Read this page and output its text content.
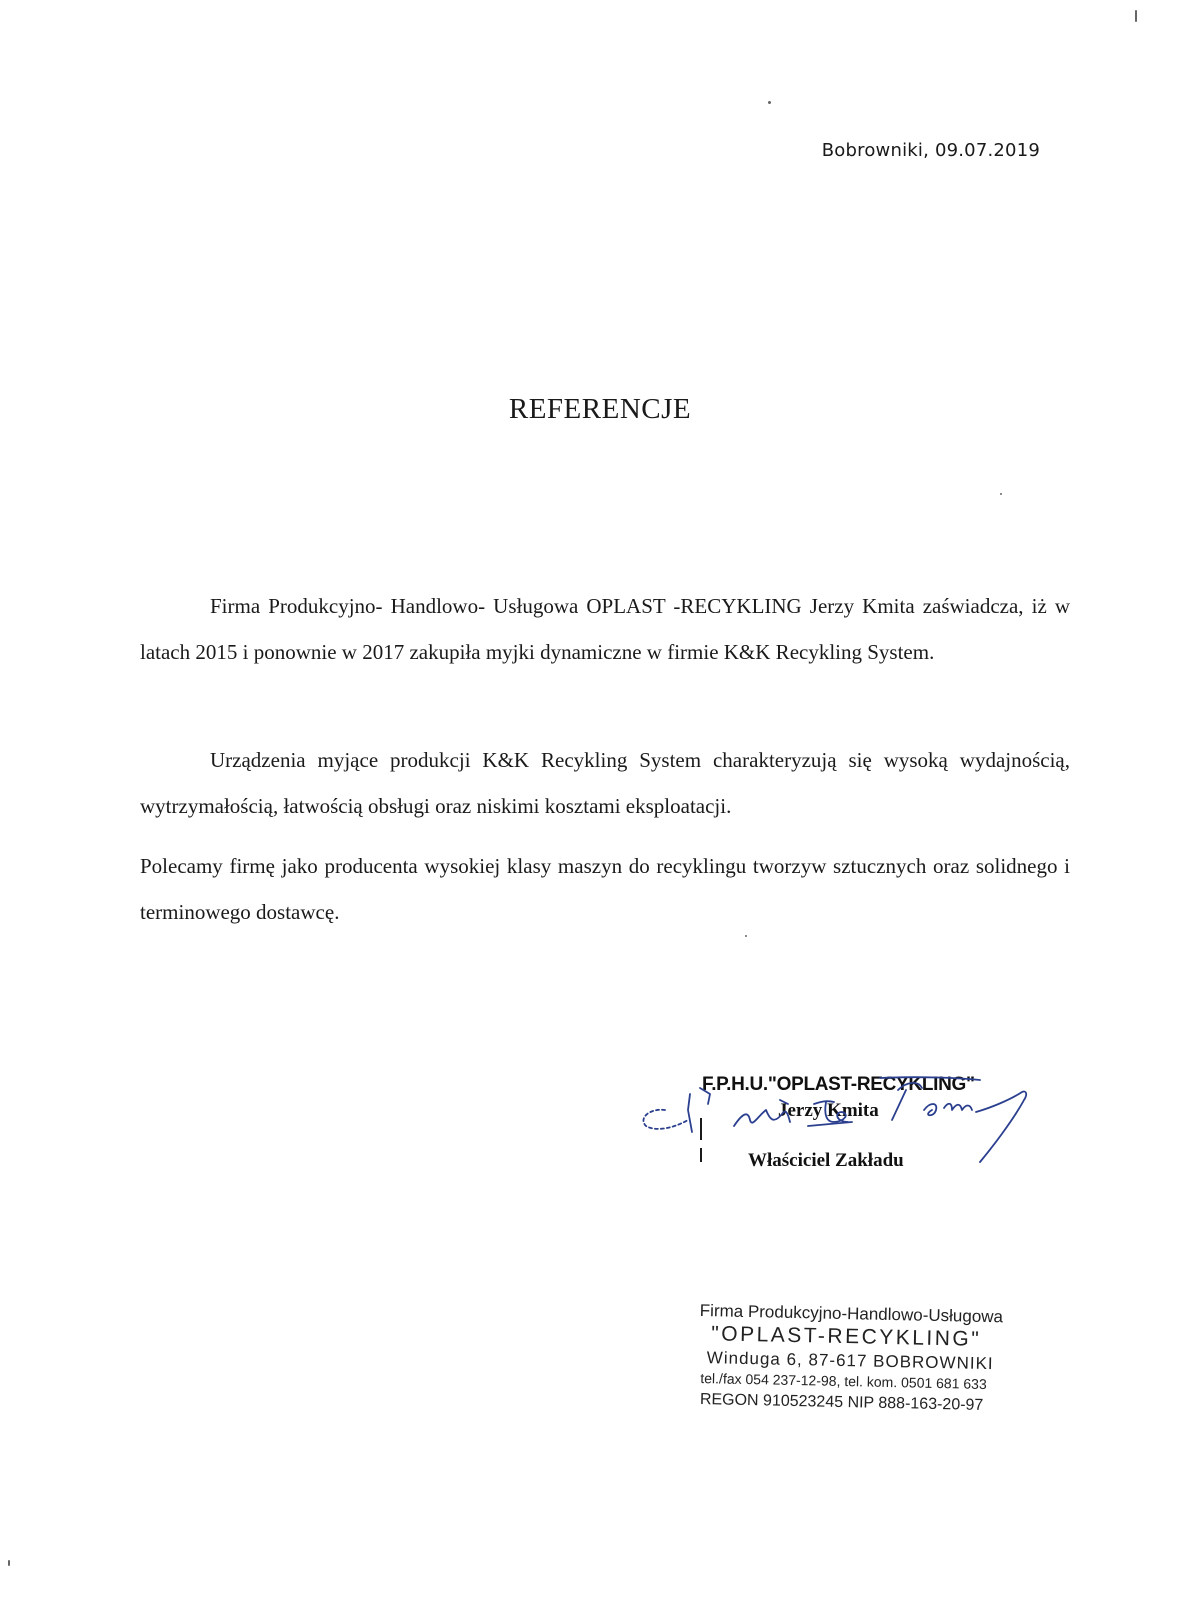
Bobrowniki, 09.07.2019
REFERENCJE
Firma Produkcyjno- Handlowo- Usługowa OPLAST -RECYKLING Jerzy Kmita zaświadcza, iż w latach 2015 i ponownie w 2017 zakupiła myjki dynamiczne w firmie K&K Recykling System.
Urządzenia myjące produkcji K&K Recykling System charakteryzują się wysoką wydajnością, wytrzymałością, łatwością obsługi oraz niskimi kosztami eksploatacji.
Polecamy firmę jako producenta wysokiej klasy maszyn do recyklingu tworzyw sztucznych oraz solidnego i terminowego dostawcę.
F.P.H.U."OPLAST-RECYKLING"
Jerzy Kmita
Właściciel Zakładu
Firma Produkcyjno-Handlowo-Usługowa
"OPLAST-RECYKLING"
Winduga 6, 87-617 BOBROWNIKI
tel./fax 054 237-12-98, tel. kom. 0501 681 633
REGON 910523245 NIP 888-163-20-97
